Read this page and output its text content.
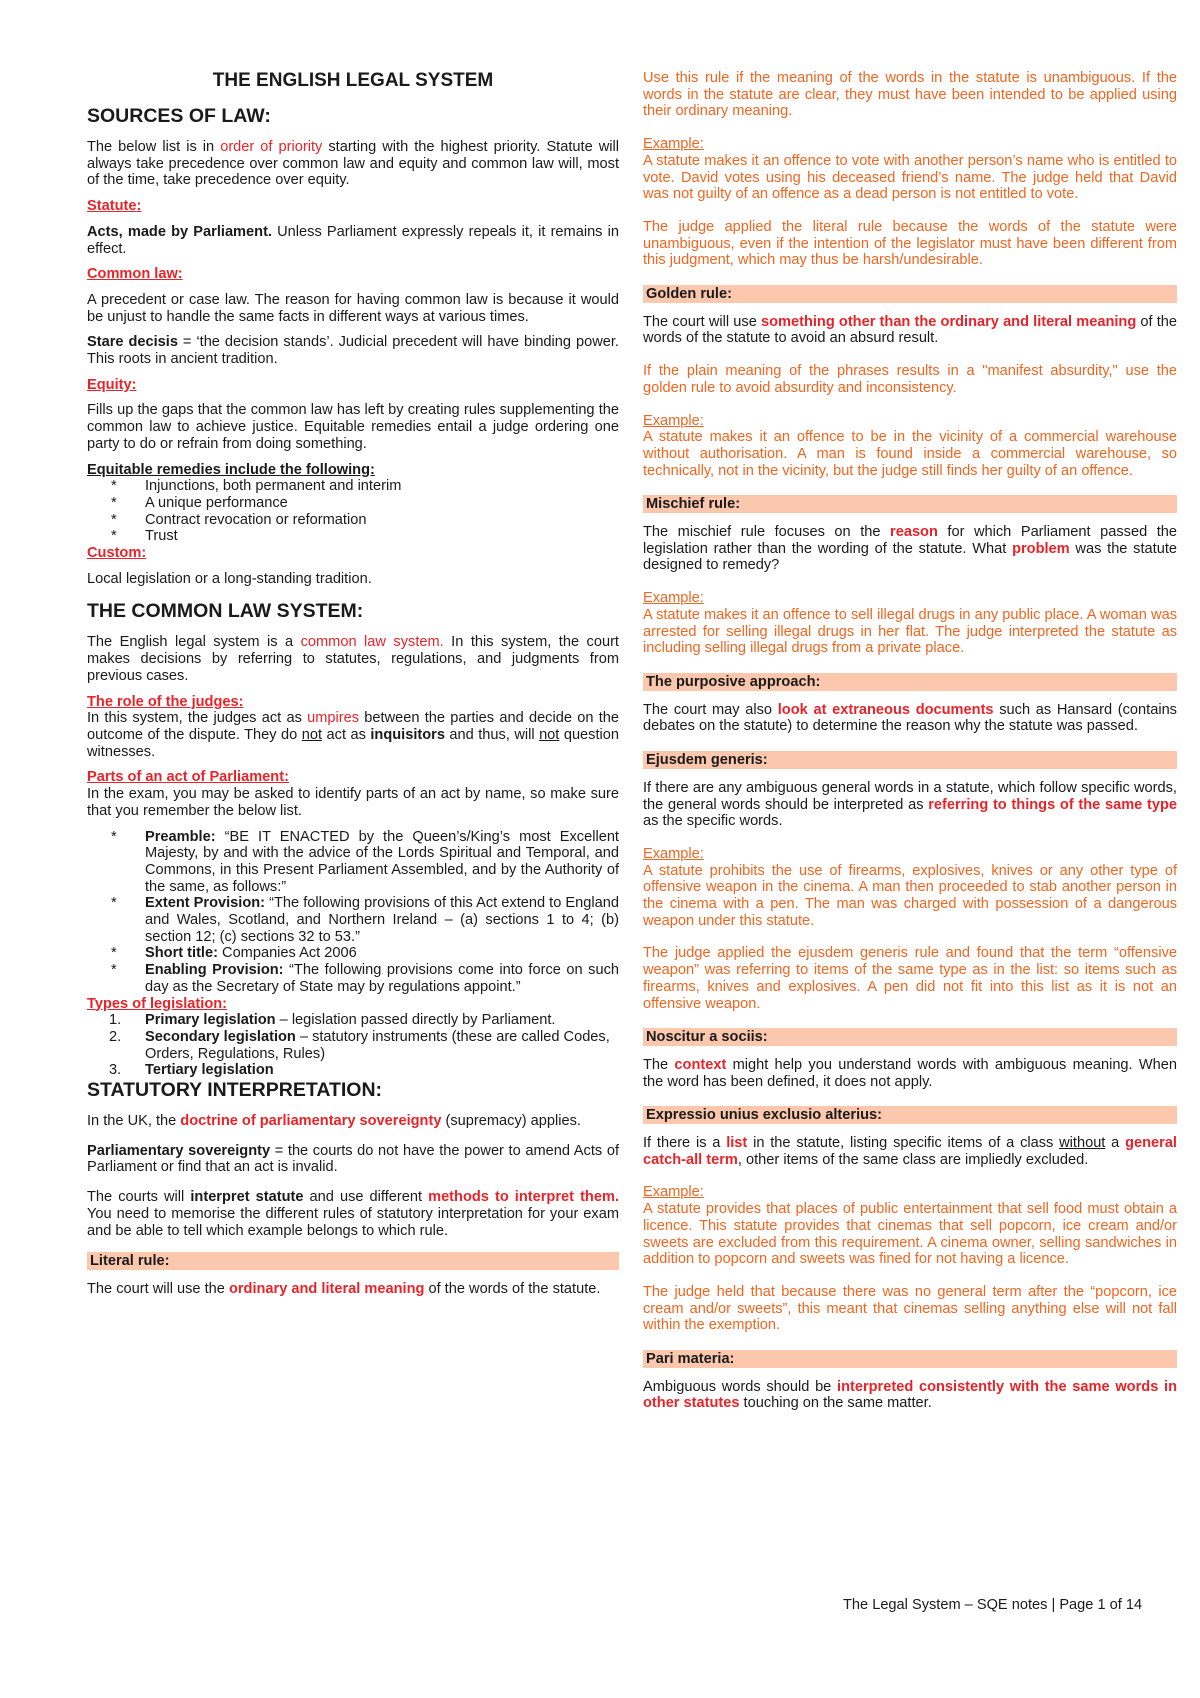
THE ENGLISH LEGAL SYSTEM

SOURCES OF LAW:

The below list is in order of priority starting with the highest priority. Statute will always take precedence over common law and equity and common law will, most of the time, take precedence over equity.

Statute:

Acts, made by Parliament. Unless Parliament expressly repeals it, it remains in effect.

Common law:

A precedent or case law. The reason for having common law is because it would be unjust to handle the same facts in different ways at various times.

Stare decisis = ‘the decision stands’. Judicial precedent will have binding power. This roots in ancient tradition.

Equity:

Fills up the gaps that the common law has left by creating rules supplementing the common law to achieve justice. Equitable remedies entail a judge ordering one party to do or refrain from doing something.

Equitable remedies include the following:

* Injunctions, both permanent and interim
* A unique performance
* Contract revocation or reformation
* Trust

Custom:

Local legislation or a long-standing tradition.

THE COMMON LAW SYSTEM:

The English legal system is a common law system. In this system, the court makes decisions by referring to statutes, regulations, and judgments from previous cases.

The role of the judges:

In this system, the judges act as umpires between the parties and decide on the outcome of the dispute. They do not act as inquisitors and thus, will not question witnesses.

Parts of an act of Parliament:

In the exam, you may be asked to identify parts of an act by name, so make sure that you remember the below list.

* Preamble: “BE IT ENACTED by the Queen’s/King’s most Excellent Majesty, by and with the advice of the Lords Spiritual and Temporal, and Commons, in this Present Parliament Assembled, and by the Authority of the same, as follows:”
* Extent Provision: “The following provisions of this Act extend to England and Wales, Scotland, and Northern Ireland – (a) sections 1 to 4; (b) section 12; (c) sections 32 to 53.”
* Short title: Companies Act 2006
* Enabling Provision: “The following provisions come into force on such day as the Secretary of State may by regulations appoint.”

Types of legislation:

1. Primary legislation – legislation passed directly by Parliament.
2. Secondary legislation – statutory instruments (these are called Codes, Orders, Regulations, Rules)
3. Tertiary legislation

STATUTORY INTERPRETATION:

In the UK, the doctrine of parliamentary sovereignty (supremacy) applies.

Parliamentary sovereignty = the courts do not have the power to amend Acts of Parliament or find that an act is invalid.

The courts will interpret statute and use different methods to interpret them. You need to memorise the different rules of statutory interpretation for your exam and be able to tell which example belongs to which rule.

Literal rule:

The court will use the ordinary and literal meaning of the words of the statute.

Use this rule if the meaning of the words in the statute is unambiguous. If the words in the statute are clear, they must have been intended to be applied using their ordinary meaning.

Example:

A statute makes it an offence to vote with another person’s name who is entitled to vote. David votes using his deceased friend’s name. The judge held that David was not guilty of an offence as a dead person is not entitled to vote.

The judge applied the literal rule because the words of the statute were unambiguous, even if the intention of the legislator must have been different from this judgment, which may thus be harsh/undesirable.

Golden rule:

The court will use something other than the ordinary and literal meaning of the words of the statute to avoid an absurd result.

If the plain meaning of the phrases results in a "manifest absurdity," use the golden rule to avoid absurdity and inconsistency.

Example:

A statute makes it an offence to be in the vicinity of a commercial warehouse without authorisation. A man is found inside a commercial warehouse, so technically, not in the vicinity, but the judge still finds her guilty of an offence.

Mischief rule:

The mischief rule focuses on the reason for which Parliament passed the legislation rather than the wording of the statute. What problem was the statute designed to remedy?

Example:

A statute makes it an offence to sell illegal drugs in any public place. A woman was arrested for selling illegal drugs in her flat. The judge interpreted the statute as including selling illegal drugs from a private place.

The purposive approach:

The court may also look at extraneous documents such as Hansard (contains debates on the statute) to determine the reason why the statute was passed.

Ejusdem generis:

If there are any ambiguous general words in a statute, which follow specific words, the general words should be interpreted as referring to things of the same type as the specific words.

Example:

A statute prohibits the use of firearms, explosives, knives or any other type of offensive weapon in the cinema. A man then proceeded to stab another person in the cinema with a pen. The man was charged with possession of a dangerous weapon under this statute.

The judge applied the ejusdem generis rule and found that the term “offensive weapon” was referring to items of the same type as in the list: so items such as firearms, knives and explosives. A pen did not fit into this list as it is not an offensive weapon.

Noscitur a sociis:

The context might help you understand words with ambiguous meaning. When the word has been defined, it does not apply.

Expressio unius exclusio alterius:

If there is a list in the statute, listing specific items of a class without a general catch-all term, other items of the same class are impliedly excluded.

Example:

A statute provides that places of public entertainment that sell food must obtain a licence. This statute provides that cinemas that sell popcorn, ice cream and/or sweets are excluded from this requirement. A cinema owner, selling sandwiches in addition to popcorn and sweets was fined for not having a licence.

The judge held that because there was no general term after the “popcorn, ice cream and/or sweets”, this meant that cinemas selling anything else will not fall within the exemption.

Pari materia:

Ambiguous words should be interpreted consistently with the same words in other statutes touching on the same matter.

The Legal System – SQE notes | Page 1 of 14
